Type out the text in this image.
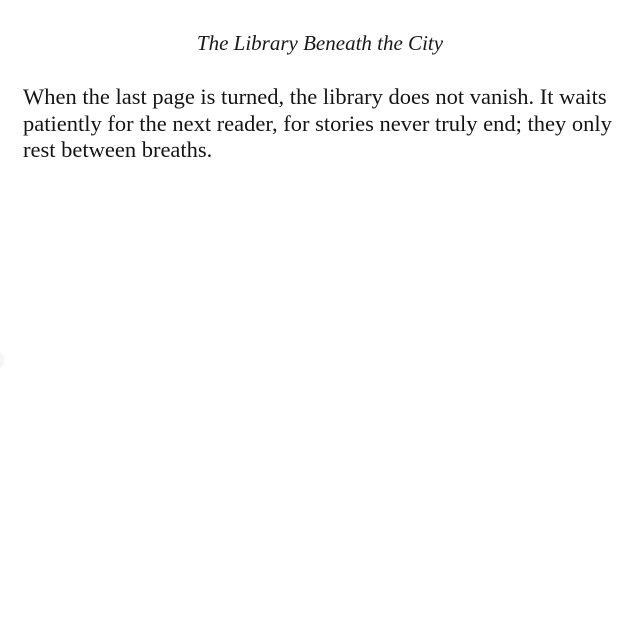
The Library Beneath the City

When the last page is turned, the library does not vanish. It waits
patiently for the next reader, for stories never truly end; they only
rest between breaths.
